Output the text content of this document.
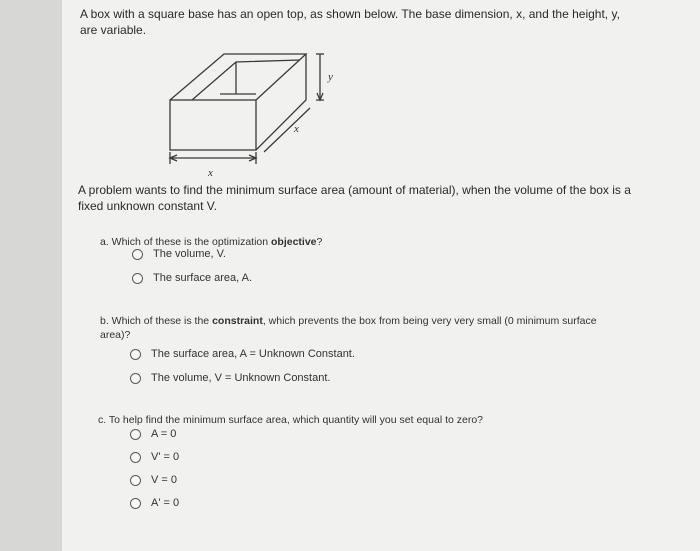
A box with a square base has an open top, as shown below. The base dimension, x, and the height, y, are variable.
y
x
x
A problem wants to find the minimum surface area (amount of material), when the volume of the box is a fixed unknown constant V.
a. Which of these is the optimization objective?
The volume, V.
The surface area, A.
b. Which of these is the constraint, which prevents the box from being very very small (0 minimum surface area)?
The surface area, A = Unknown Constant.
The volume, V = Unknown Constant.
c. To help find the minimum surface area, which quantity will you set equal to zero?
A = 0
V' = 0
V = 0
A' = 0
